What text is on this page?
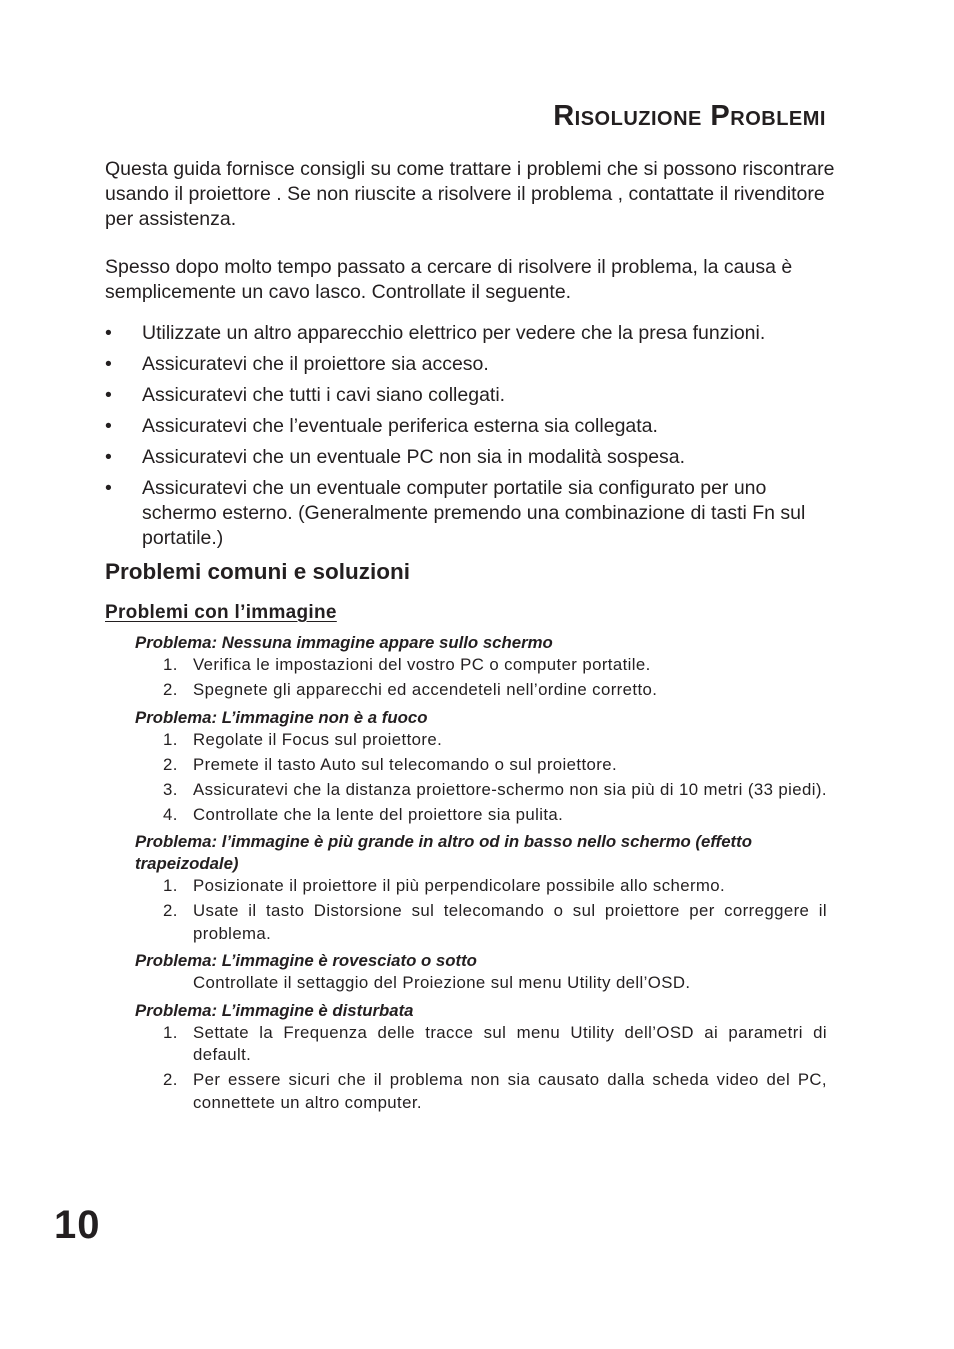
Risoluzione Problemi

Questa guida fornisce consigli su come trattare i problemi che si possono riscontrare usando il proiettore . Se non riuscite a risolvere il problema , contattate il rivenditore per assistenza.

Spesso dopo molto tempo passato a cercare di risolvere il problema, la causa è semplicemente un cavo lasco. Controllate il seguente.

• Utilizzate un altro apparecchio elettrico per vedere che la presa funzioni.
• Assicuratevi che il proiettore sia acceso.
• Assicuratevi che tutti i cavi siano collegati.
• Assicuratevi che l’eventuale periferica esterna sia collegata.
• Assicuratevi che un eventuale PC non sia in modalità sospesa.
• Assicuratevi che un eventuale computer portatile sia configurato per uno schermo esterno. (Generalmente premendo una combinazione di tasti Fn sul portatile.)
Problemi comuni e soluzioni
Problemi con l’immagine

Problema: Nessuna immagine appare sullo schermo

1. Verifica le impostazioni del vostro PC o computer portatile.
2. Spegnete gli apparecchi ed accendeteli nell’ordine corretto.

Problema: L’immagine non è a fuoco

1. Regolate il Focus sul proiettore.
2. Premete il tasto Auto sul telecomando o sul proiettore.
3. Assicuratevi che la distanza proiettore-schermo non sia più di 10 metri (33 piedi).
4. Controllate che la lente del proiettore sia pulita.

Problema: l’immagine è più grande in altro od in basso nello schermo (effetto trapeizodale)

1. Posizionate il proiettore il più perpendicolare possibile allo schermo.
2. Usate il tasto Distorsione sul telecomando o sul proiettore per correggere il problema.

Problema: L’immagine è rovesciato o sotto

Controllate il settaggio del Proiezione sul menu Utility dell’OSD.

Problema: L’immagine è disturbata

1. Settate la Frequenza delle tracce sul menu Utility dell’OSD ai parametri di default.
2. Per essere sicuri che il problema non sia causato dalla scheda video del PC, connettete un altro computer.

10
